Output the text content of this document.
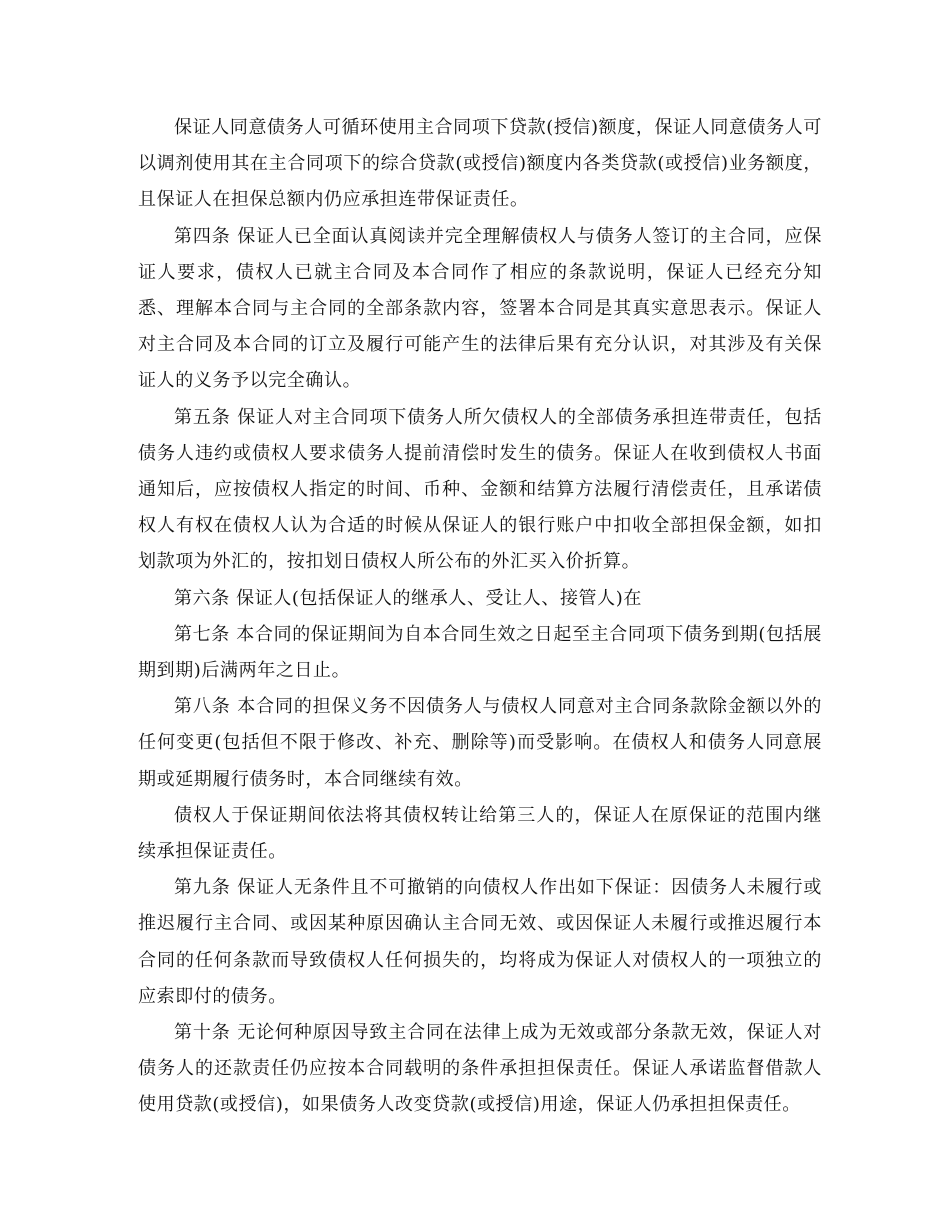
保证人同意债务人可循环使用主合同项下贷款(授信)额度，保证人同意债务人可以调剂使用其在主合同项下的综合贷款(或授信)额度内各类贷款(或授信)业务额度，且保证人在担保总额内仍应承担连带保证责任。

第四条 保证人已全面认真阅读并完全理解债权人与债务人签订的主合同，应保证人要求，债权人已就主合同及本合同作了相应的条款说明，保证人已经充分知悉、理解本合同与主合同的全部条款内容，签署本合同是其真实意思表示。保证人对主合同及本合同的订立及履行可能产生的法律后果有充分认识，对其涉及有关保证人的义务予以完全确认。

第五条 保证人对主合同项下债务人所欠债权人的全部债务承担连带责任，包括债务人违约或债权人要求债务人提前清偿时发生的债务。保证人在收到债权人书面通知后，应按债权人指定的时间、币种、金额和结算方法履行清偿责任，且承诺债权人有权在债权人认为合适的时候从保证人的银行账户中扣收全部担保金额，如扣划款项为外汇的，按扣划日债权人所公布的外汇买入价折算。

第六条 保证人(包括保证人的继承人、受让人、接管人)在

第七条 本合同的保证期间为自本合同生效之日起至主合同项下债务到期(包括展期到期)后满两年之日止。

第八条 本合同的担保义务不因债务人与债权人同意对主合同条款除金额以外的任何变更(包括但不限于修改、补充、删除等)而受影响。在债权人和债务人同意展期或延期履行债务时，本合同继续有效。

债权人于保证期间依法将其债权转让给第三人的，保证人在原保证的范围内继续承担保证责任。

第九条 保证人无条件且不可撤销的向债权人作出如下保证：因债务人未履行或推迟履行主合同、或因某种原因确认主合同无效、或因保证人未履行或推迟履行本合同的任何条款而导致债权人任何损失的，均将成为保证人对债权人的一项独立的应索即付的债务。

第十条 无论何种原因导致主合同在法律上成为无效或部分条款无效，保证人对债务人的还款责任仍应按本合同载明的条件承担担保责任。保证人承诺监督借款人使用贷款(或授信)，如果债务人改变贷款(或授信)用途，保证人仍承担担保责任。
